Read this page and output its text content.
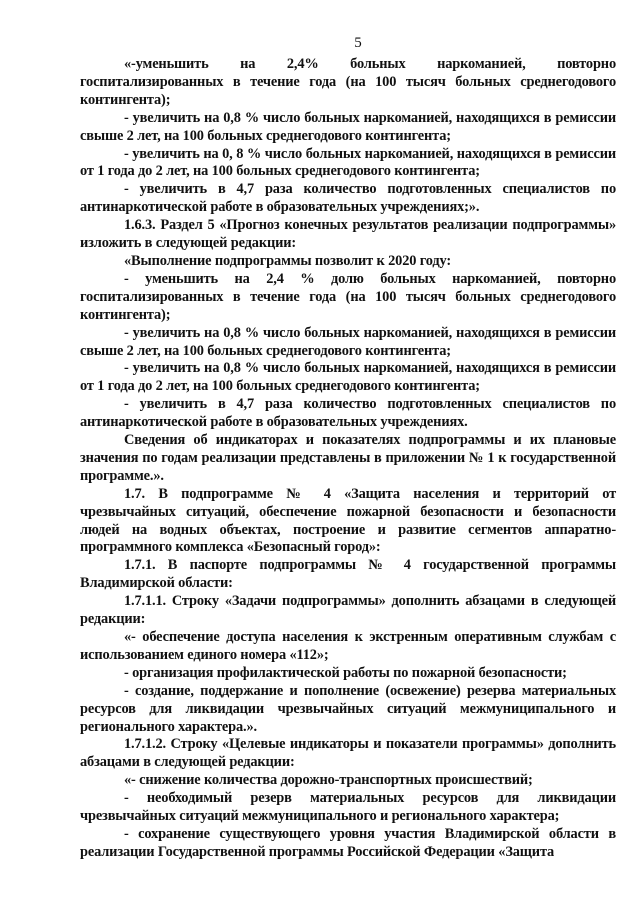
5

«-уменьшить на 2,4% больных наркоманией, повторно госпитализированных в течение года (на 100 тысяч больных среднегодового контингента);

- увеличить на 0,8 % число больных наркоманией, находящихся в ремиссии свыше 2 лет, на 100 больных среднегодового контингента;

- увеличить на 0, 8 % число больных наркоманией, находящихся в ремиссии от 1 года до 2 лет, на 100 больных среднегодового контингента;

- увеличить в 4,7 раза количество подготовленных специалистов по антинаркотической работе в образовательных учреждениях;».

1.6.3. Раздел 5 «Прогноз конечных результатов реализации подпрограммы» изложить в следующей редакции:

«Выполнение подпрограммы позволит к 2020 году:

- уменьшить на 2,4 % долю больных наркоманией, повторно госпитализированных в течение года (на 100 тысяч больных среднегодового контингента);

- увеличить на 0,8 % число больных наркоманией, находящихся в ремиссии свыше 2 лет, на 100 больных среднегодового контингента;

- увеличить на 0,8 % число больных наркоманией, находящихся в ремиссии от 1 года до 2 лет, на 100 больных среднегодового контингента;

- увеличить в 4,7 раза количество подготовленных специалистов по антинаркотической работе в образовательных учреждениях.

Сведения об индикаторах и показателях подпрограммы и их плановые значения по годам реализации представлены в приложении № 1 к государственной программе.».

1.7. В подпрограмме № 4 «Защита населения и территорий от чрезвычайных ситуаций, обеспечение пожарной безопасности и безопасности людей на водных объектах, построение и развитие сегментов аппаратно-программного комплекса «Безопасный город»:

1.7.1. В паспорте подпрограммы № 4 государственной программы Владимирской области:

1.7.1.1. Строку «Задачи подпрограммы» дополнить абзацами в следующей редакции:

«- обеспечение доступа населения к экстренным оперативным службам с использованием единого номера «112»;

- организация профилактической работы по пожарной безопасности;

- создание, поддержание и пополнение (освежение) резерва материальных ресурсов для ликвидации чрезвычайных ситуаций межмуниципального и регионального характера.».

1.7.1.2. Строку «Целевые индикаторы и показатели программы» дополнить абзацами в следующей редакции:

«- снижение количества дорожно-транспортных происшествий;

- необходимый резерв материальных ресурсов для ликвидации чрезвычайных ситуаций межмуниципального и регионального характера;

- сохранение существующего уровня участия Владимирской области в реализации Государственной программы Российской Федерации «Защита
